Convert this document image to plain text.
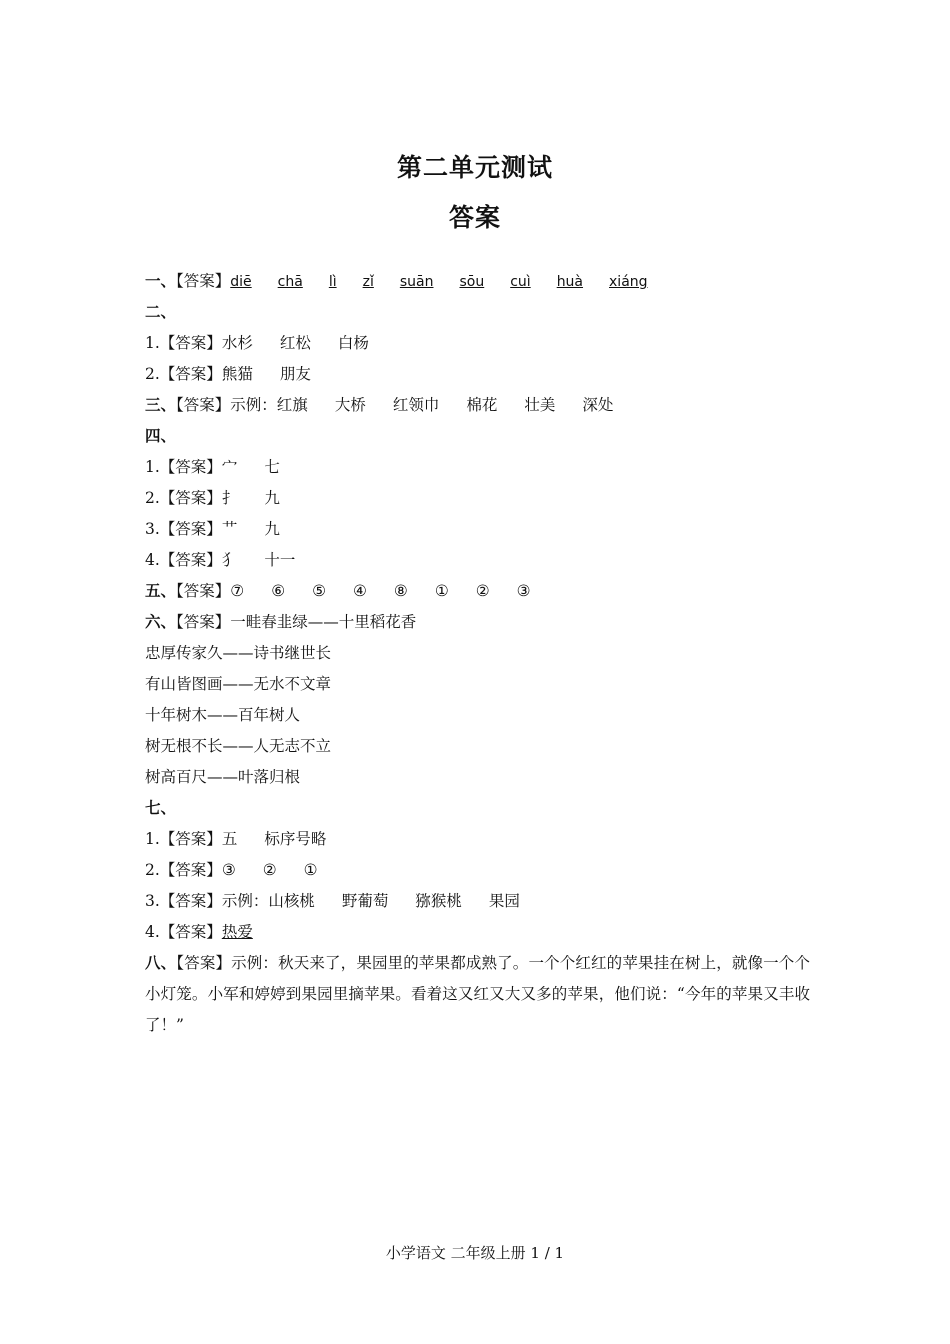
第二单元测试
答案
一、【答案】diē chā lì zǐ suān sōu cuì huà xiáng
二、
1.【答案】水杉 红松 白杨
2.【答案】熊猫 朋友
三、【答案】示例：红旗 大桥 红领巾 棉花 壮美 深处
四、
1.【答案】宀 七
2.【答案】扌 九
3.【答案】艹 九
4.【答案】犭 十一
五、【答案】⑦ ⑥ ⑤ ④ ⑧ ① ② ③
六、【答案】一畦春韭绿——十里稻花香
忠厚传家久——诗书继世长
有山皆图画——无水不文章
十年树木——百年树人
树无根不长——人无志不立
树高百尺——叶落归根
七、
1.【答案】五 标序号略
2.【答案】③ ② ①
3.【答案】示例：山核桃 野葡萄 猕猴桃 果园
4.【答案】热爱
八、【答案】示例：秋天来了，果园里的苹果都成熟了。一个个红红的苹果挂在树上，就像一个个小灯笼。小军和婷婷到果园里摘苹果。看着这又红又大又多的苹果，他们说：“今年的苹果又丰收了！”
小学语文 二年级上册 1 / 1
